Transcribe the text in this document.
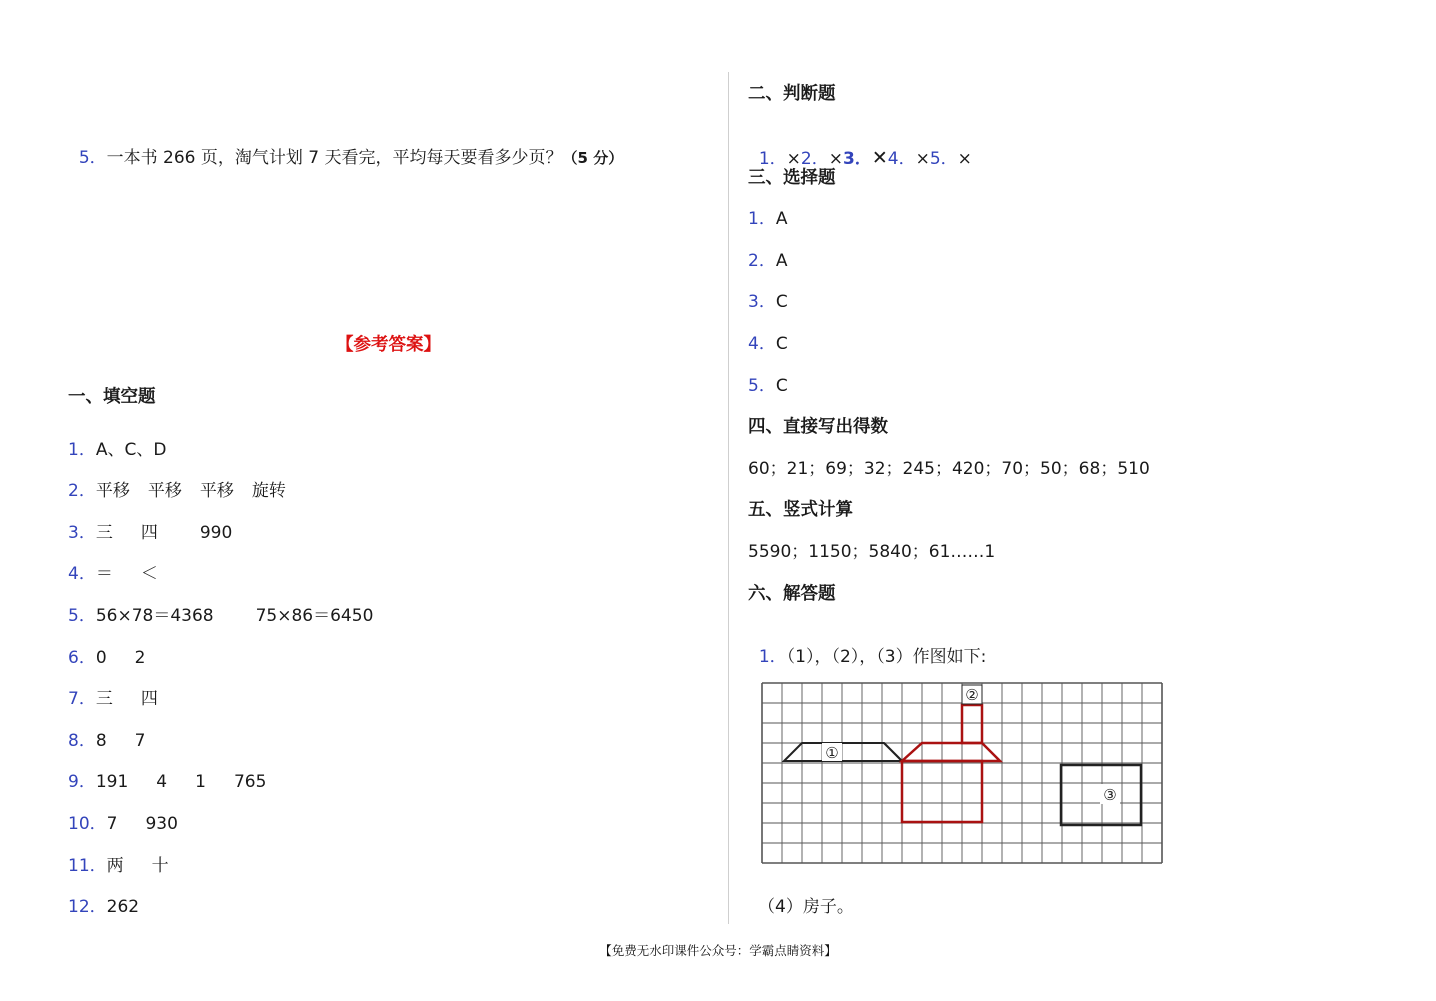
5．一本书 266 页，淘气计划 7 天看完，平均每天要看多少页？（5 分）

【参考答案】
一、填空题
1．A、C、D
2．平移 平移 平移 旋转
3．三 四 990
4．＝ ＜
5．56×78＝4368 75×86＝6450
6．0 2
7．三 四
8．8 7
9．191 4 1 765
10．7 930
11．两 十
12．262
二、判断题

1．×2．×3．✕4．×5．×

三、选择题
1．A
2．A
3．C
4．C
5．C
四、直接写出得数
60；21；69；32；245；420；70；50；68；510
五、竖式计算
5590；1150；5840；61……1
六、解答题

1．（1），（2），（3）作图如下:

②
①
③
（4）房子。
【免费无水印课件公众号：学霸点睛资料】
